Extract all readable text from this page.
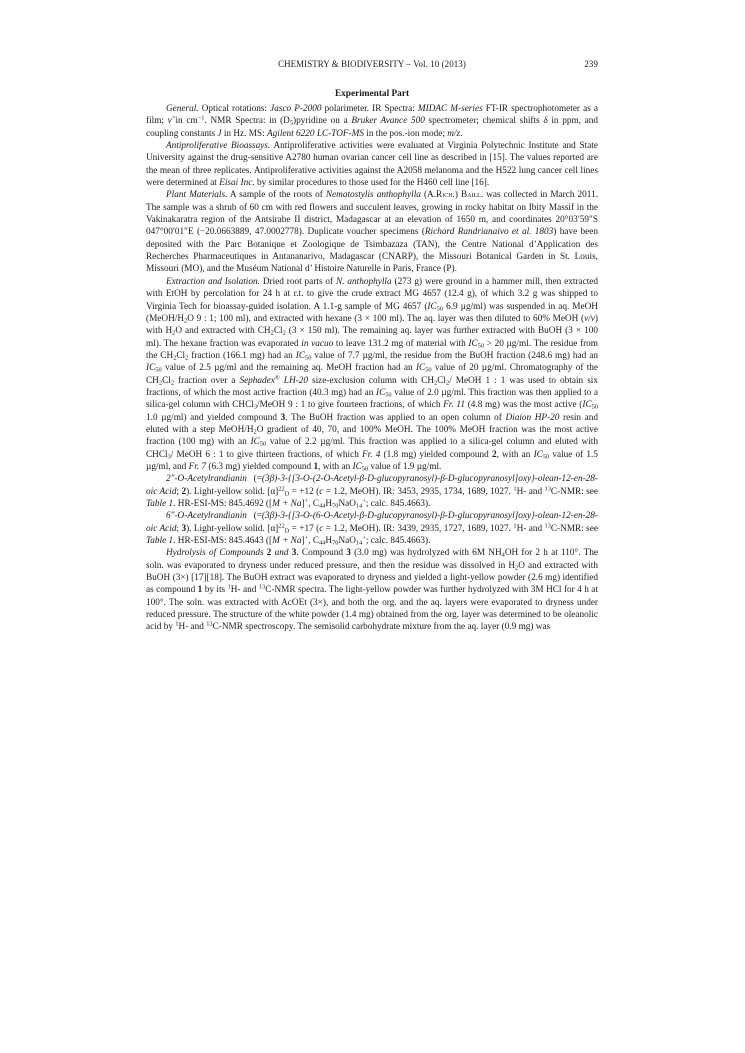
CHEMISTRY & BIODIVERSITY – Vol. 10 (2013)	239
Experimental Part

General. Optical rotations: Jasco P-2000 polarimeter. IR Spectra: MIDAC M-series FT-IR spectrophotometer as a film; ν̃ in $cm^{-1}$. NMR Spectra: in $(D_5)pyridine$ on a Bruker Avance 500 spectrometer; chemical shifts δ in ppm, and coupling constants J in Hz. MS: Agilent 6220 LC-TOF-MS in the pos.-ion mode; m/z.

Antiproliferative Bioassays. Antiproliferative activities were evaluated at Virginia Polytechnic Institute and State University against the drug-sensitive A2780 human ovarian cancer cell line as described in [15]. The values reported are the mean of three replicates. Antiproliferative activities against the A2058 melanoma and the H522 lung cancer cell lines were determined at Eisai Inc. by similar procedures to those used for the H460 cell line [16].

Plant Materials. A sample of the roots of Nematostylis anthophylla (A.Rich.) Baill. was collected in March 2011. The sample was a shrub of 60 cm with red flowers and succulent leaves, growing in rocky habitat on Ibity Massif in the Vakinakaratra region of the Antsirabe II district, Madagascar at an elevation of 1650 m, and coordinates 20°03′59″S 047°00′01″E (−20.0663889, 47.0002778). Duplicate voucher specimens (Richard Randrianaivo et al. 1803) have been deposited with the Parc Botanique et Zoologique de Tsimbazaza (TAN), the Centre National d’Application des Recherches Pharmaceutiques in Antananarivo, Madagascar (CNARP), the Missouri Botanical Garden in St. Louis, Missouri (MO), and the Muséum National d’ Histoire Naturelle in Paris, France (P).

Extraction and Isolation. Dried root parts of N. anthophylla (273 g) were ground in a hammer mill, then extracted with EtOH by percolation for 24 h at r.t. to give the crude extract MG 4657 (12.4 g), of which 3.2 g was shipped to Virginia Tech for bioassay-guided isolation. A 1.1-g sample of MG 4657 ($IC_{50}$ 6.9 µg/ml) was suspended in aq. MeOH ($MeOH/H_2O$ 9 : 1; 100 ml), and extracted with hexane (3 × 100 ml). The aq. layer was then diluted to 60% MeOH (v/v) with $H_2O$ and extracted with $CH_2Cl_2$ (3 × 150 ml). The remaining aq. layer was further extracted with BuOH (3 × 100 ml). The hexane fraction was evaporated in vacuo to leave 131.2 mg of material with $IC_{50} > 20$ µg/ml. The residue from the $CH_2Cl_2$ fraction (166.1 mg) had an $IC_{50}$ value of 7.7 µg/ml, the residue from the BuOH fraction (248.6 mg) had an $IC_{50}$ value of 2.5 µg/ml and the remaining aq. MeOH fraction had an $IC_{50}$ value of 20 µg/ml. Chromatography of the $CH_2Cl_2$ fraction over a Sephadex® LH-20 size-exclusion column with $CH_2Cl_2/$ MeOH 1 : 1 was used to obtain six fractions, of which the most active fraction (40.3 mg) had an $IC_{50}$ value of 2.0 µg/ml. This fraction was then applied to a silica-gel column with CHCl$_3$/MeOH 9 : 1 to give fourteen fractions, of which Fr. 11 (4.8 mg) was the most active ($IC_{50}$ 1.0 µg/ml) and yielded compound 3. The BuOH fraction was applied to an open column of Diaion HP-20 resin and eluted with a step MeOH/$H_2O$ gradient of 40, 70, and 100% MeOH. The 100% MeOH fraction was the most active fraction (100 mg) with an $IC_{50}$ value of 2.2 µg/ml. This fraction was applied to a silica-gel column and eluted with CHCl$_3$/ MeOH 6 : 1 to give thirteen fractions, of which Fr. 4 (1.8 mg) yielded compound 2, with an $IC_{50}$ value of 1.5 µg/ml, and Fr. 7 (6.3 mg) yielded compound 1, with an $IC_{50}$ value of 1.9 µg/ml.

2″-O-Acetylrandianin (=(3β)-3-{[3-O-(2-O-Acetyl-β-D-glucopyranosyl)-β-D-glucopyranosyl]oxy}-olean-12-en-28-oic Acid; 2). Light-yellow solid. $[\alpha]^{22}_D = +12$ (c = 1.2, MeOH). IR: 3453, 2935, 1734, 1689, 1027. $^1$H- and $^{13}$C-NMR: see Table 1. HR-ESI-MS: 845.4692 ([M + Na]+, $C_{44}H_{70}NaO_{14}^+$; calc. 845.4663).

6″-O-Acetylrandianin (=(3β)-3-{[3-O-(6-O-Acetyl-β-D-glucopyranosyl)-β-D-glucopyranosyl]oxy}-olean-12-en-28-oic Acid; 3). Light-yellow solid. $[\alpha]^{22}_D = +17$ (c = 1.2, MeOH). IR: 3439, 2935, 1727, 1689, 1027. $^1$H- and $^{13}$C-NMR: see Table 1. HR-ESI-MS: 845.4643 ([M + Na]+, $C_{44}H_{70}NaO_{14}^+$; calc. 845.4663).

Hydrolysis of Compounds 2 and 3. Compound 3 (3.0 mg) was hydrolyzed with 6M $NH_4OH$ for 2 h at 110°. The soln. was evaporated to dryness under reduced pressure, and then the residue was dissolved in $H_2O$ and extracted with BuOH (3×) [17][18]. The BuOH extract was evaporated to dryness and yielded a light-yellow powder (2.6 mg) identified as compound 1 by its $^1$H- and $^{13}$C-NMR spectra. The light-yellow powder was further hydrolyzed with 3M HCl for 4 h at 100°. The soln. was extracted with AcOEt (3×), and both the org. and the aq. layers were evaporated to dryness under reduced pressure. The structure of the white powder (1.4 mg) obtained from the org. layer was determined to be oleanolic acid by $^1$H- and $^{13}$C-NMR spectroscopy. The semisolid carbohydrate mixture from the aq. layer (0.9 mg) was
